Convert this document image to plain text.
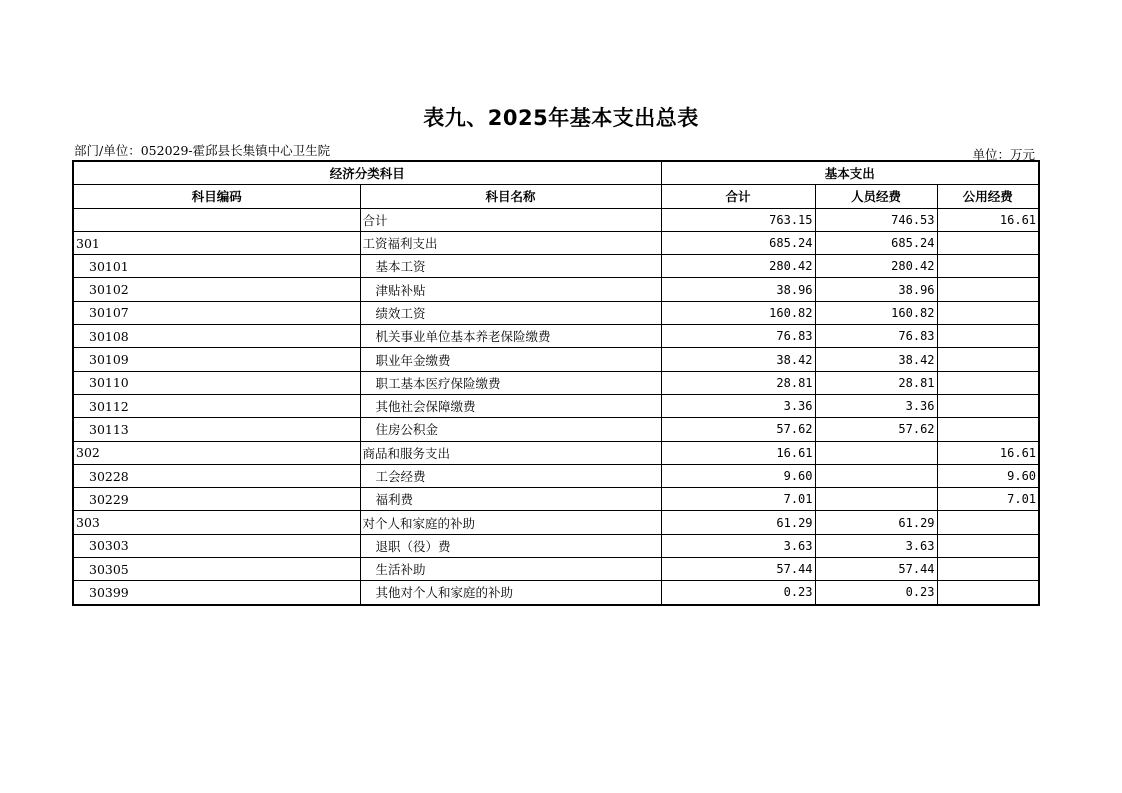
表九、2025年基本支出总表
部门/单位：052029-霍邱县长集镇中心卫生院	单位：万元
经济分类科目		基本支出		
科目编码	科目名称	合计	人员经费	公用经费
	合计	763.15	746.53	16.61
301	工资福利支出	685.24	685.24	
30101	基本工资	280.42	280.42	
30102	津贴补贴	38.96	38.96	
30107	绩效工资	160.82	160.82	
30108	机关事业单位基本养老保险缴费	76.83	76.83	
30109	职业年金缴费	38.42	38.42	
30110	职工基本医疗保险缴费	28.81	28.81	
30112	其他社会保障缴费	3.36	3.36	
30113	住房公积金	57.62	57.62	
302	商品和服务支出	16.61		16.61
30228	工会经费	9.60		9.60
30229	福利费	7.01		7.01
303	对个人和家庭的补助	61.29	61.29	
30303	退职（役）费	3.63	3.63	
30305	生活补助	57.44	57.44	
30399	其他对个人和家庭的补助	0.23	0.23	
